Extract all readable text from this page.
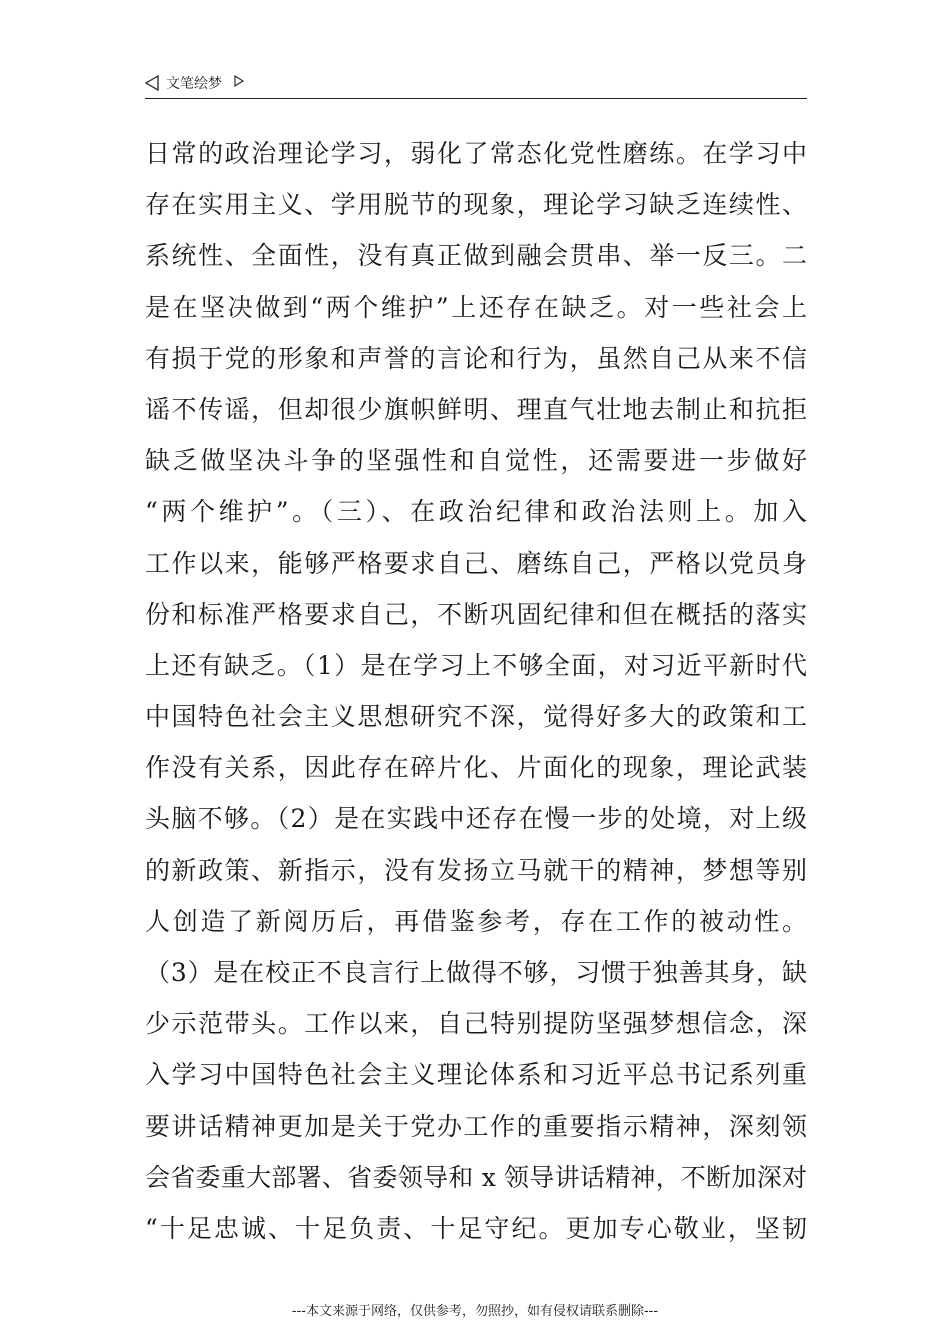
文笔绘梦
日常的政治理论学习，弱化了常态化党性磨练。在学习中
存在实用主义、学用脱节的现象，理论学习缺乏连续性、
系统性、全面性，没有真正做到融会贯串、举一反三。二
是在坚决做到“两个维护”上还存在缺乏。对一些社会上
有损于党的形象和声誉的言论和行为，虽然自己从来不信
谣不传谣，但却很少旗帜鲜明、理直气壮地去制止和抗拒
缺乏做坚决斗争的坚强性和自觉性，还需要进一步做好
“两个维护”。（三）、在政治纪律和政治法则上。加入
工作以来，能够严格要求自己、磨练自己，严格以党员身
份和标准严格要求自己，不断巩固纪律和但在概括的落实
上还有缺乏。（1）是在学习上不够全面，对习近平新时代
中国特色社会主义思想研究不深，觉得好多大的政策和工
作没有关系，因此存在碎片化、片面化的现象，理论武装
头脑不够。（2）是在实践中还存在慢一步的处境，对上级
的新政策、新指示，没有发扬立马就干的精神，梦想等别
人创造了新阅历后，再借鉴参考，存在工作的被动性。
（3）是在校正不良言行上做得不够，习惯于独善其身，缺
少示范带头。工作以来，自己特别提防坚强梦想信念，深
入学习中国特色社会主义理论体系和习近平总书记系列重
要讲话精神更加是关于党办工作的重要指示精神，深刻领
会省委重大部署、省委领导和 x 领导讲话精神，不断加深对
“十足忠诚、十足负责、十足守纪。更加专心敬业，坚韧
---本文来源于网络，仅供参考，勿照抄，如有侵权请联系删除---
